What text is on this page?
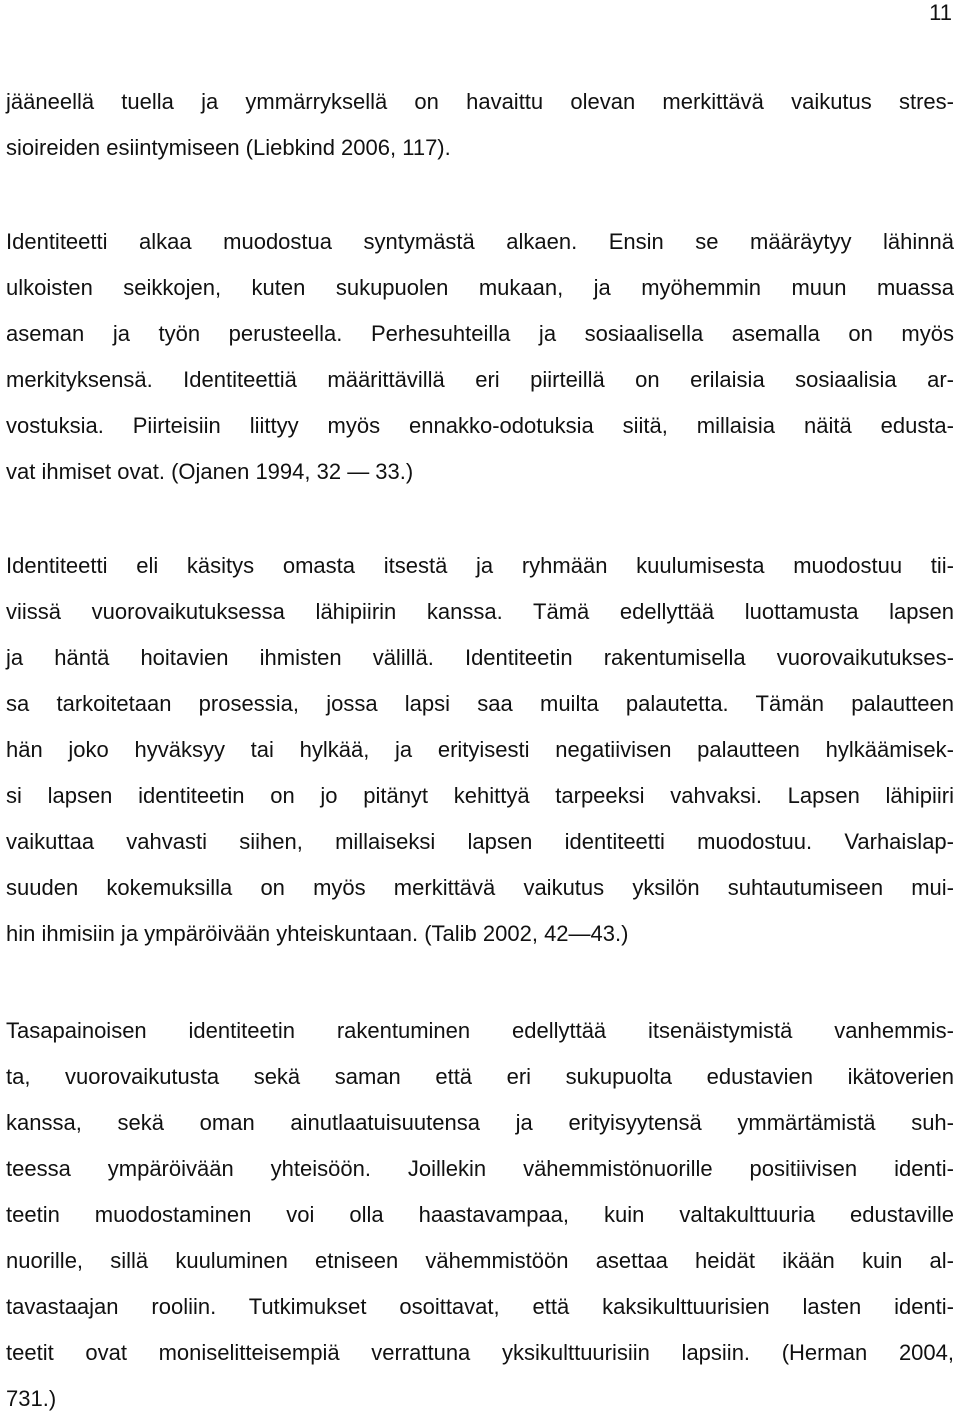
11
jääneellä tuella ja ymmärryksellä on havaittu olevan merkittävä vaikutus stres-
sioireiden esiintymiseen (Liebkind 2006, 117).
Identiteetti alkaa muodostua syntymästä alkaen. Ensin se määräytyy lähinnä
ulkoisten seikkojen, kuten sukupuolen mukaan, ja myöhemmin muun muassa
aseman ja työn perusteella. Perhesuhteilla ja sosiaalisella asemalla on myös
merkityksensä. Identiteettiä määrittävillä eri piirteillä on erilaisia sosiaalisia ar-
vostuksia. Piirteisiin liittyy myös ennakko-odotuksia siitä, millaisia näitä edusta-
vat ihmiset ovat. (Ojanen 1994, 32 — 33.)
Identiteetti eli käsitys omasta itsestä ja ryhmään kuulumisesta muodostuu tii-
viissä vuorovaikutuksessa lähipiirin kanssa. Tämä edellyttää luottamusta lapsen
ja häntä hoitavien ihmisten välillä. Identiteetin rakentumisella vuorovaikutukses-
sa tarkoitetaan prosessia, jossa lapsi saa muilta palautetta. Tämän palautteen
hän joko hyväksyy tai hylkää, ja erityisesti negatiivisen palautteen hylkäämisek-
si lapsen identiteetin on jo pitänyt kehittyä tarpeeksi vahvaksi. Lapsen lähipiiri
vaikuttaa vahvasti siihen, millaiseksi lapsen identiteetti muodostuu. Varhaislap-
suuden kokemuksilla on myös merkittävä vaikutus yksilön suhtautumiseen mui-
hin ihmisiin ja ympäröivään yhteiskuntaan. (Talib 2002, 42—43.)
Tasapainoisen identiteetin rakentuminen edellyttää itsenäistymistä vanhemmis-
ta, vuorovaikutusta sekä saman että eri sukupuolta edustavien ikätoverien
kanssa, sekä oman ainutlaatuisuutensa ja erityisyytensä ymmärtämistä suh-
teessa ympäröivään yhteisöön. Joillekin vähemmistönuorille positiivisen identi-
teetin muodostaminen voi olla haastavampaa, kuin valtakulttuuria edustaville
nuorille, sillä kuuluminen etniseen vähemmistöön asettaa heidät ikään kuin al-
tavastaajan rooliin. Tutkimukset osoittavat, että kaksikulttuurisien lasten identi-
teetit ovat moniselitteisempiä verrattuna yksikulttuurisiin lapsiin. (Herman 2004,
731.)
